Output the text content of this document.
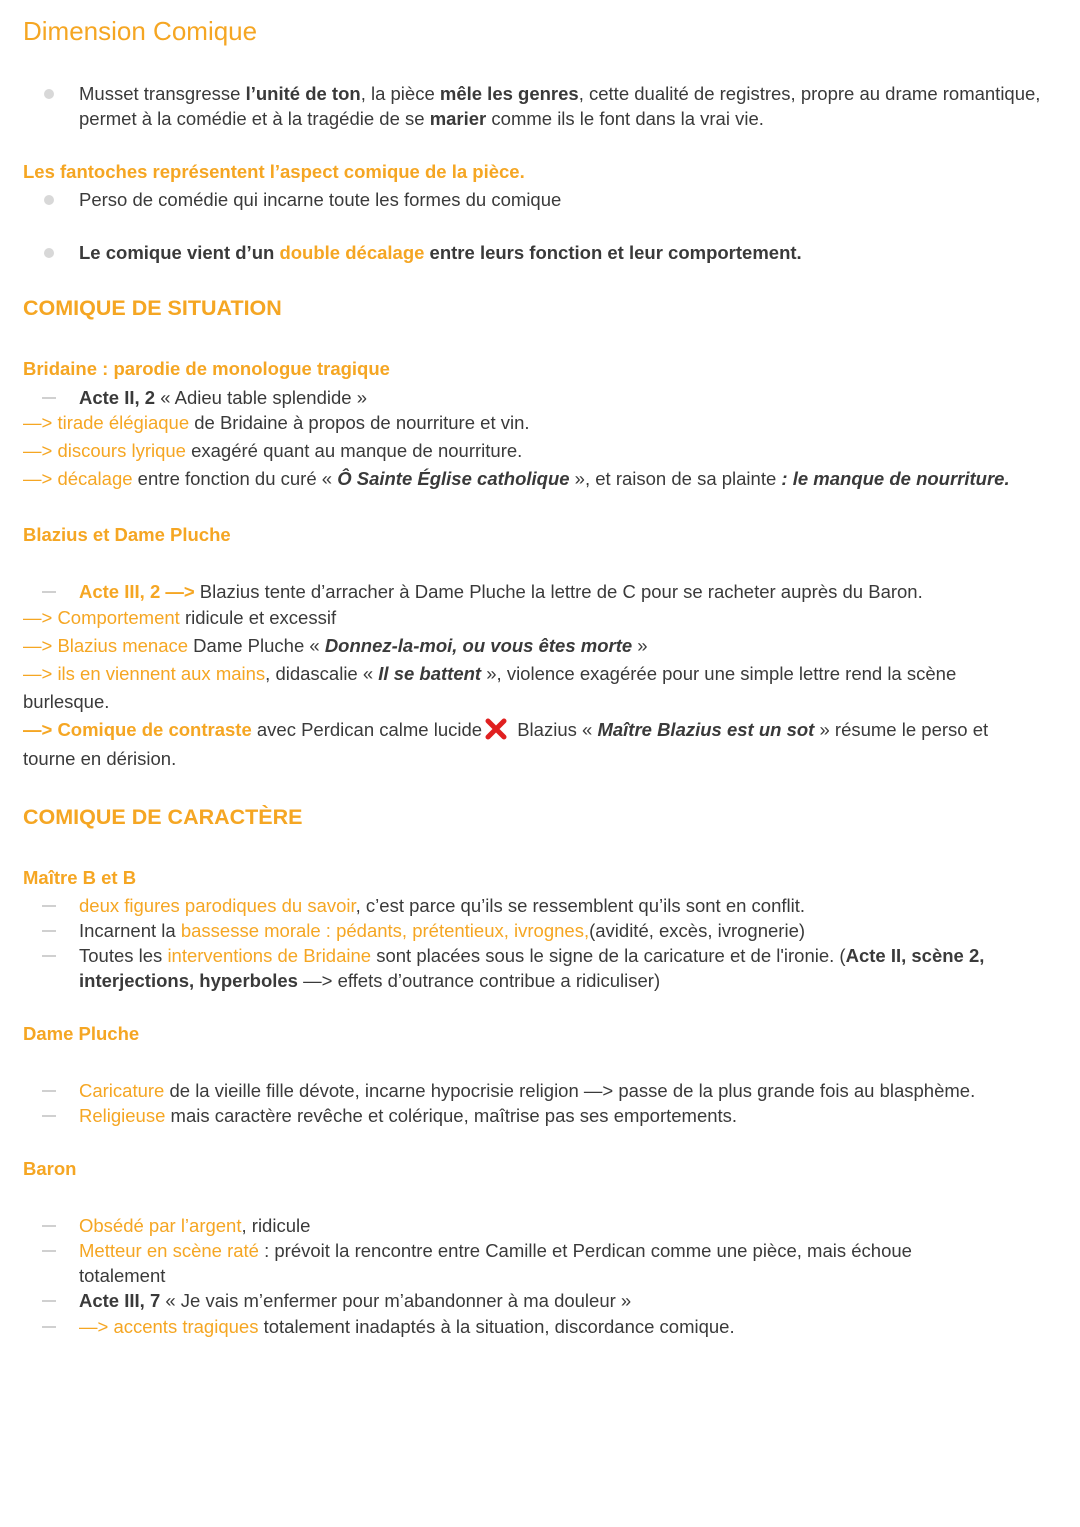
Dimension Comique
Musset transgresse l’unité de ton, la pièce mêle les genres, cette dualité de registres, propre au drame romantique, permet à la comédie et à la tragédie de se marier comme ils le font dans la vrai vie.
Les fantoches représentent l’aspect comique de la pièce.
Perso de comédie qui incarne toute les formes du comique
Le comique vient d’un double décalage entre leurs fonction et leur comportement.
COMIQUE DE SITUATION
Bridaine : parodie de monologue tragique
Acte II, 2 « Adieu table splendide »
—> tirade élégiaque de Bridaine à propos de nourriture et vin.
—> discours lyrique exagéré quant au manque de nourriture.
—> décalage entre fonction du curé « Ô Sainte Église catholique », et raison de sa plainte : le manque de nourriture.
Blazius et Dame Pluche
Acte III, 2 —> Blazius tente d’arracher à Dame Pluche la lettre de C pour se racheter auprès du Baron.
—> Comportement ridicule et excessif
—> Blazius menace Dame Pluche « Donnez-la-moi, ou vous êtes morte »
—> ils en viennent aux mains, didascalie « Il se battent », violence exagérée pour une simple lettre rend la scène
burlesque.
—> Comique de contraste avec Perdican calme lucide Blazius « Maître Blazius est un sot » résume le perso et
tourne en dérision.
COMIQUE DE CARACTÈRE
Maître B et B
deux figures parodiques du savoir, c’est parce qu’ils se ressemblent qu’ils sont en conflit.
Incarnent la bassesse morale : pédants, prétentieux, ivrognes,(avidité, excès, ivrognerie)
Toutes les interventions de Bridaine sont placées sous le signe de la caricature et de l'ironie. (Acte II, scène 2,
interjections, hyperboles —> effets d’outrance contribue a ridiculiser)
Dame Pluche
Caricature de la vieille fille dévote, incarne hypocrisie religion —> passe de la plus grande fois au blasphème.
Religieuse mais caractère revêche et colérique, maîtrise pas ses emportements.
Baron
Obsédé par l’argent, ridicule
Metteur en scène raté : prévoit la rencontre entre Camille et Perdican comme une pièce, mais échoue
totalement
Acte III, 7 « Je vais m’enfermer pour m’abandonner à ma douleur »
—> accents tragiques totalement inadaptés à la situation, discordance comique.
